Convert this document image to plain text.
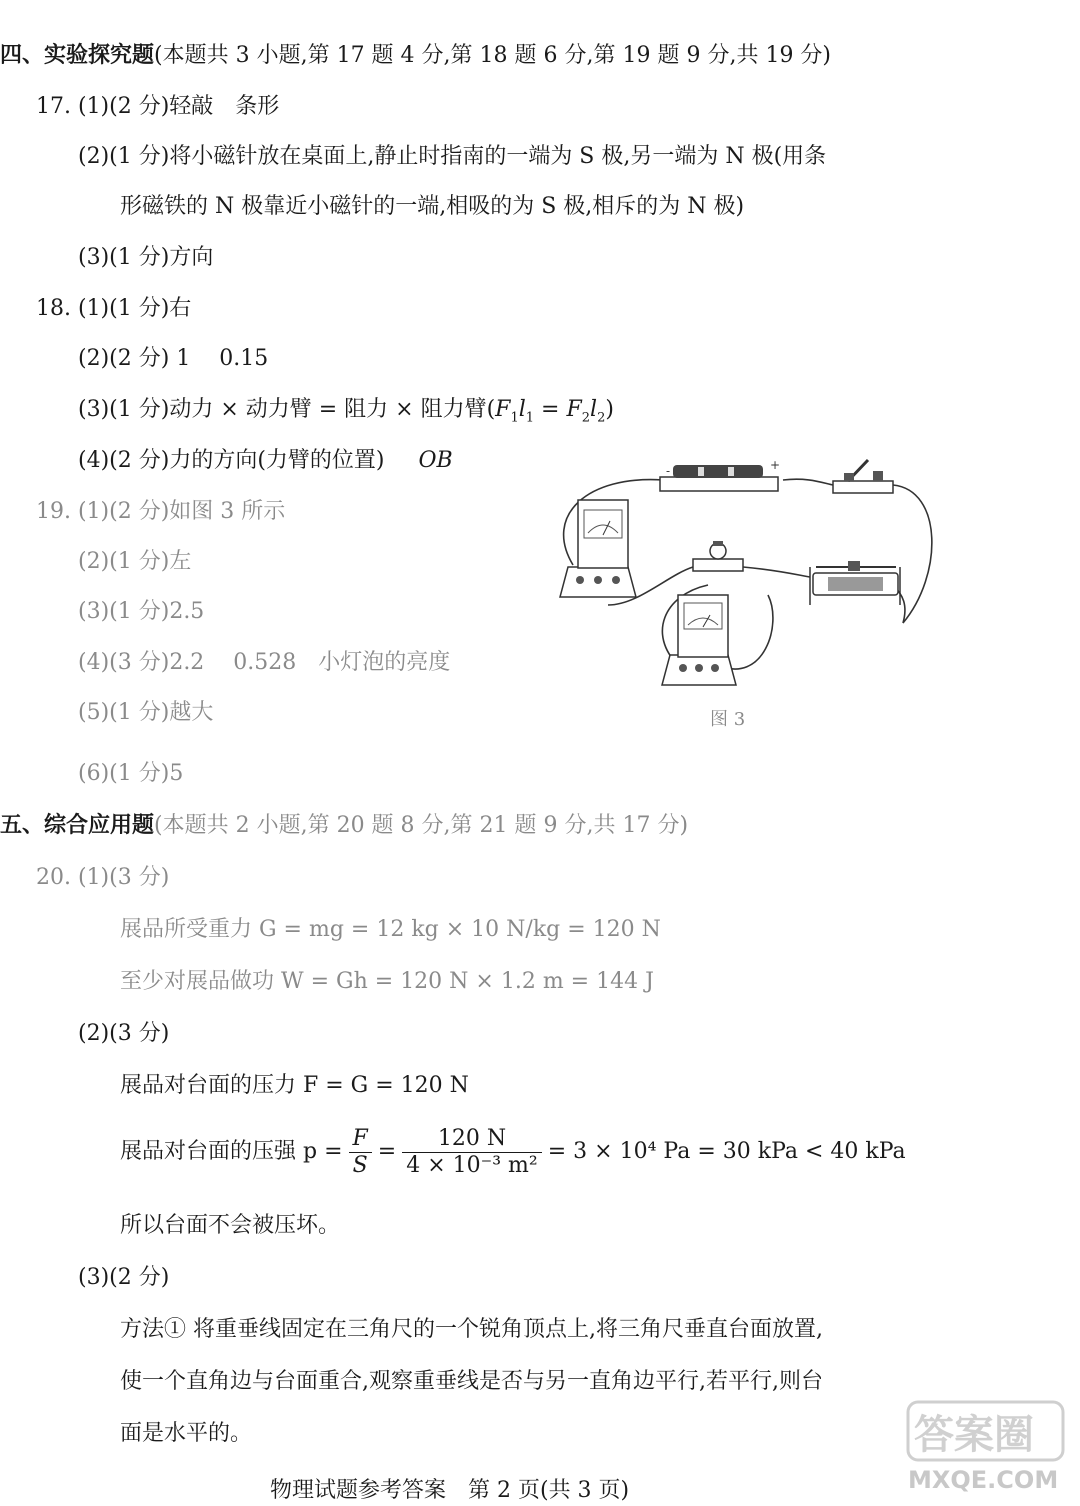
四、实验探究题(本题共 3 小题,第 17 题 4 分,第 18 题 6 分,第 19 题 9 分,共 19 分)
17. (1)(2 分)轻敲　条形
(2)(1 分)将小磁针放在桌面上,静止时指南的一端为 S 极,另一端为 N 极(用条
形磁铁的 N 极靠近小磁针的一端,相吸的为 S 极,相斥的为 N 极)
(3)(1 分)方向
18. (1)(1 分)右
(2)(2 分) 1　 0.15
(3)(1 分)动力 × 动力臂 = 阻力 × 阻力臂$(F_1l_1 = F_2l_2)$
(4)(2 分)力的方向(力臂的位置) OB
19. (1)(2 分)如图 3 所示
(2)(1 分)左
(3)(1 分)2.5
(4)(3 分)2.2　 0.528　小灯泡的亮度
(5)(1 分)越大
(6)(1 分)5
-	+
图 3
五、综合应用题(本题共 2 小题,第 20 题 8 分,第 21 题 9 分,共 17 分)
20. (1)(3 分)
展品所受重力 G = mg = 12 kg × 10 N/kg = 120 N
至少对展品做功 W = Gh = 120 N × 1.2 m = 144 J
(2)(3 分)
展品对台面的压力 F = G = 120 N
展品对台面的压强 $p = \frac{F}{S} = \frac{120 N}{\text{4 × 10⁻³ m²}} = 3 \times 10^4$ Pa = 30 kPa < 40 kPa
所以台面不会被压坏。
(3)(2 分)
方法① 将重垂线固定在三角尺的一个锐角顶点上,将三角尺垂直台面放置,
使一个直角边与台面重合,观察重垂线是否与另一直角边平行,若平行,则台
面是水平的。	答案圈
MXQE.COM
物理试题参考答案　第 2 页(共 3 页)
